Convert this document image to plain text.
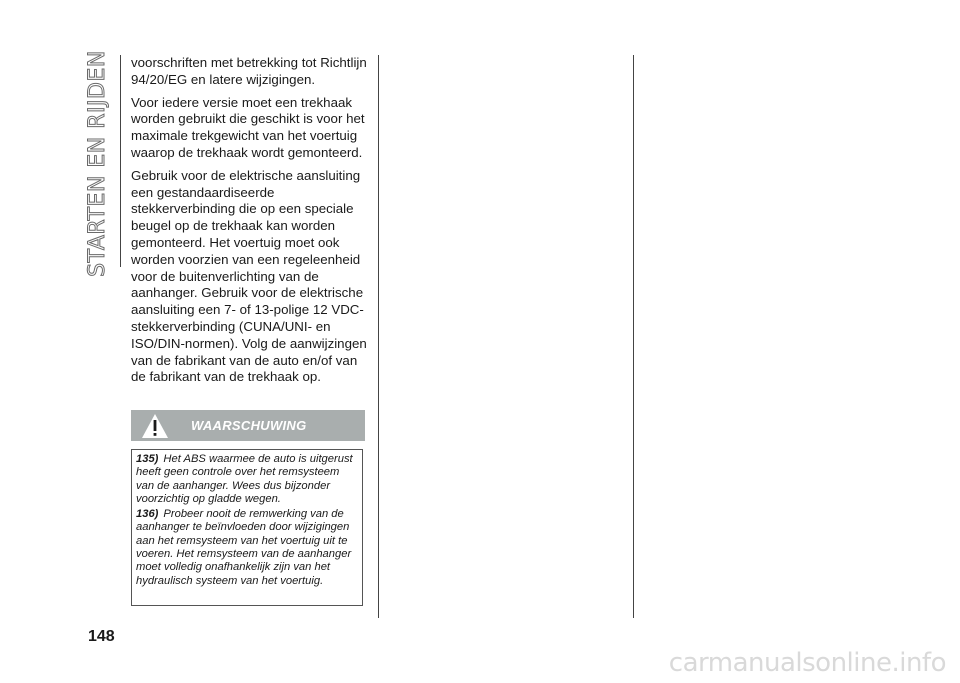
STARTEN EN RIJDEN voorschriften met betrekking tot Richtlijn 94/20/EG en latere wijzigingen.

Voor iedere versie moet een trekhaak worden gebruikt die geschikt is voor het maximale trekgewicht van het voertuig waarop de trekhaak wordt gemonteerd.

Gebruik voor de elektrische aansluiting een gestandaardiseerde stekkerverbinding die op een speciale beugel op de trekhaak kan worden gemonteerd. Het voertuig moet ook worden voorzien van een regeleenheid voor de buitenverlichting van de aanhanger. Gebruik voor de elektrische aansluiting een 7- of 13-polige 12 VDC-stekkerverbinding (CUNA/UNI- en ISO/DIN-normen). Volg de aanwijzingen van de fabrikant van de auto en/of van de fabrikant van de trekhaak op.

WAARSCHUWING

135) Het ABS waarmee de auto is uitgerust heeft geen controle over het remsysteem van de aanhanger. Wees dus bijzonder voorzichtig op gladde wegen.

136) Probeer nooit de remwerking van de aanhanger te beïnvloeden door wijzigingen aan het remsysteem van het voertuig uit te voeren. Het remsysteem van de aanhanger moet volledig onafhankelijk zijn van het hydraulisch systeem van het voertuig.

148
carmanualsonline.info
